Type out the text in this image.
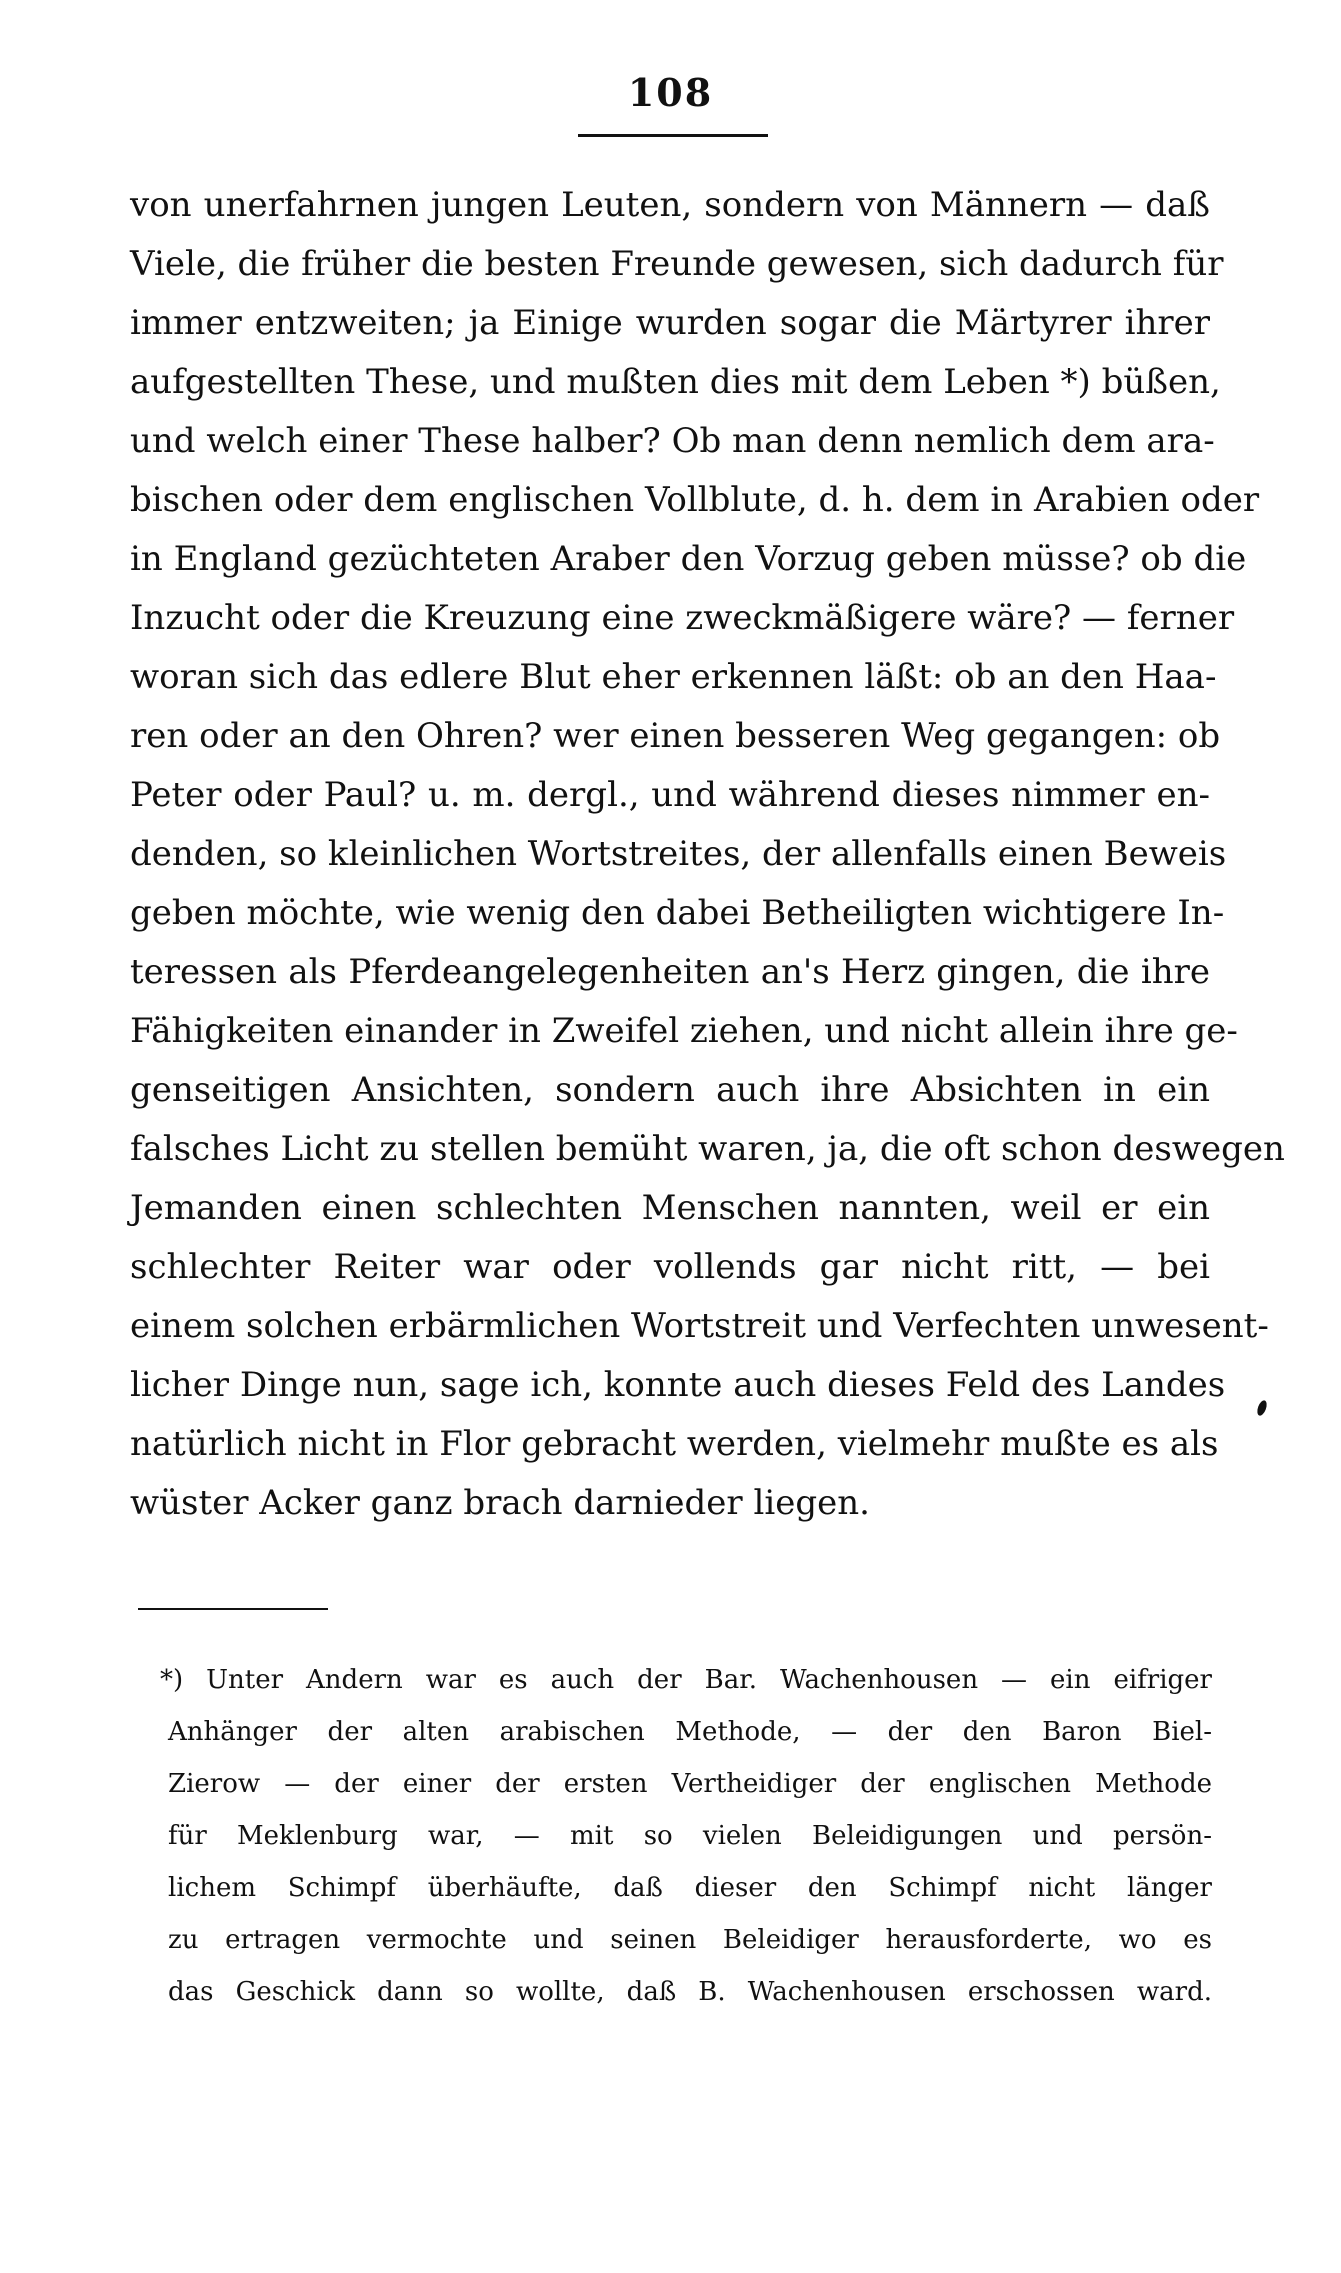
108
von unerfahrnen jungen Leuten, sondern von Männern — daß
Viele, die früher die besten Freunde gewesen, sich dadurch für
immer entzweiten; ja Einige wurden sogar die Märtyrer ihrer
aufgestellten These, und mußten dies mit dem Leben *) büßen,
und welch einer These halber? Ob man denn nemlich dem ara-
bischen oder dem englischen Vollblute, d. h. dem in Arabien oder
in England gezüchteten Araber den Vorzug geben müsse? ob die
Inzucht oder die Kreuzung eine zweckmäßigere wäre? — ferner
woran sich das edlere Blut eher erkennen läßt: ob an den Haa-
ren oder an den Ohren? wer einen besseren Weg gegangen: ob
Peter oder Paul? u. m. dergl., und während dieses nimmer en-
denden, so kleinlichen Wortstreites, der allenfalls einen Beweis
geben möchte, wie wenig den dabei Betheiligten wichtigere In-
teressen als Pferdeangelegenheiten an's Herz gingen, die ihre
Fähigkeiten einander in Zweifel ziehen, und nicht allein ihre ge-
genseitigen Ansichten, sondern auch ihre Absichten in ein
falsches Licht zu stellen bemüht waren, ja, die oft schon deswegen
Jemanden einen schlechten Menschen nannten, weil er ein
schlechter Reiter war oder vollends gar nicht ritt, — bei
einem solchen erbärmlichen Wortstreit und Verfechten unwesent-
licher Dinge nun, sage ich, konnte auch dieses Feld des Landes
natürlich nicht in Flor gebracht werden, vielmehr mußte es als
wüster Acker ganz brach darnieder liegen.
*) Unter Andern war es auch der Bar. Wachenhousen — ein eifriger
Anhänger der alten arabischen Methode, — der den Baron Biel-
Zierow — der einer der ersten Vertheidiger der englischen Methode
für Meklenburg war, — mit so vielen Beleidigungen und persön-
lichem Schimpf überhäufte, daß dieser den Schimpf nicht länger
zu ertragen vermochte und seinen Beleidiger herausforderte, wo es
das Geschick dann so wollte, daß B. Wachenhousen erschossen ward.
